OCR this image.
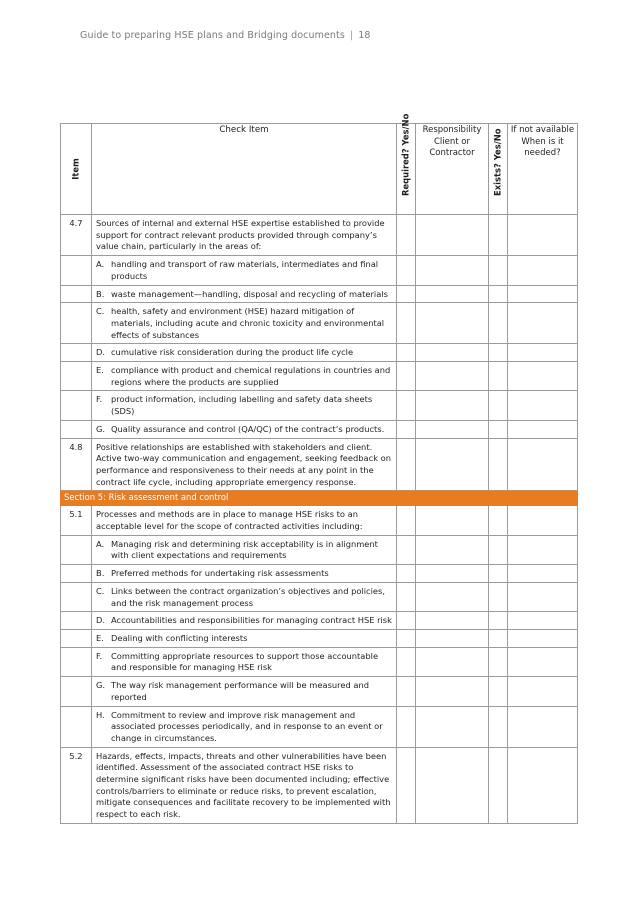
Guide to preparing HSE plans and Bridging documents | 18
Item	Check Item	Required? Yes/No	Responsibility Client or Contractor	Exists? Yes/No	If not available When is it needed?
4.7	Sources of internal and external HSE expertise established to provide support for contract relevant products provided through company’s value chain, particularly in the areas of:				

	A. handling and transport of raw materials, intermediates and final products				

	B. waste management—handling, disposal and recycling of materials				

	C. health, safety and environment (HSE) hazard mitigation of materials, including acute and chronic toxicity and environmental effects of substances				

	D. cumulative risk consideration during the product life cycle				

	E. compliance with product and chemical regulations in countries and regions where the products are supplied				

	F. product information, including labelling and safety data sheets (SDS)				

	G. Quality assurance and control (QA/QC) of the contract’s products.				

4.8	Positive relationships are established with stakeholders and client. Active two-way communication and engagement, seeking feedback on performance and responsiveness to their needs at any point in the contract life cycle, including appropriate emergency response.				
Section 5: Risk assessment and control					
5.1	Processes and methods are in place to manage HSE risks to an acceptable level for the scope of contracted activities including:				

	A. Managing risk and determining risk acceptability is in alignment with client expectations and requirements				

	B. Preferred methods for undertaking risk assessments				

	C. Links between the contract organization’s objectives and policies, and the risk management process				

	D. Accountabilities and responsibilities for managing contract HSE risk				

	E. Dealing with conflicting interests				

	F. Committing appropriate resources to support those accountable and responsible for managing HSE risk				

	G. The way risk management performance will be measured and reported				

	H. Commitment to review and improve risk management and associated processes periodically, and in response to an event or change in circumstances.				

5.2	Hazards, effects, impacts, threats and other vulnerabilities have been identified. Assessment of the associated contract HSE risks to determine significant risks have been documented including; effective controls/barriers to eliminate or reduce risks, to prevent escalation, mitigate consequences and facilitate recovery to be implemented with respect to each risk.				
